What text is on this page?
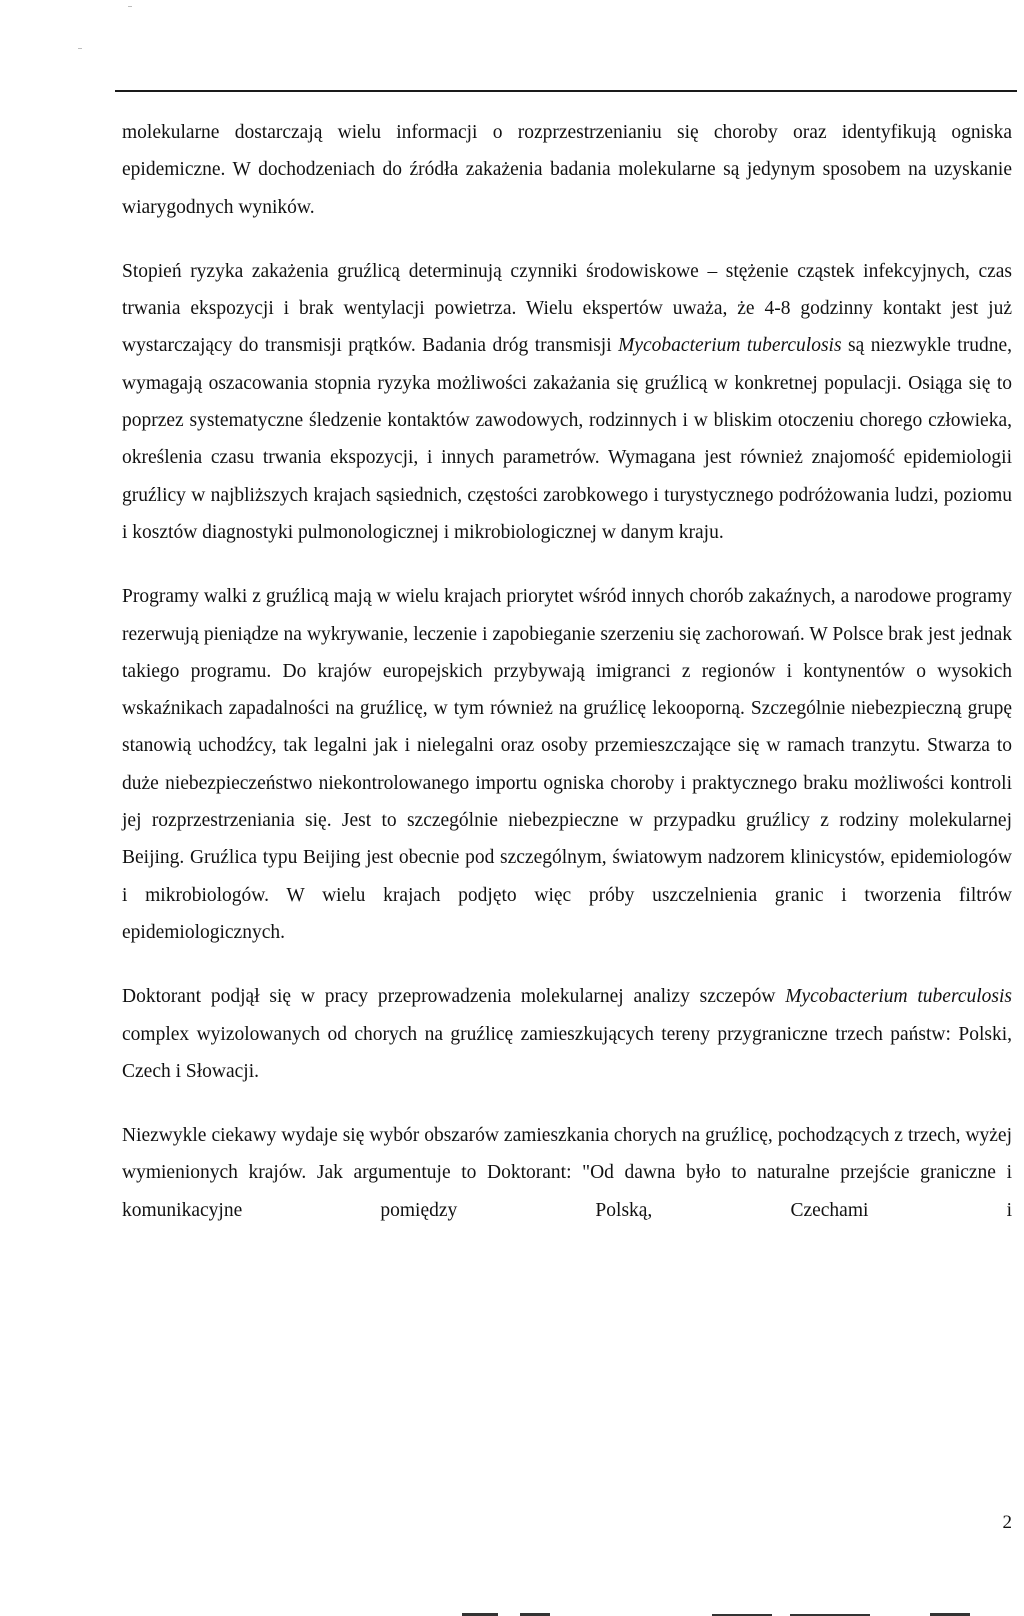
molekularne dostarczają wielu informacji o rozprzestrzenianiu się choroby oraz identyfikują ogniska epidemiczne. W dochodzeniach do źródła zakażenia badania molekularne są jedynym sposobem na uzyskanie wiarygodnych wyników.

Stopień ryzyka zakażenia gruźlicą determinują czynniki środowiskowe – stężenie cząstek infekcyjnych, czas trwania ekspozycji i brak wentylacji powietrza. Wielu ekspertów uważa, że 4-8 godzinny kontakt jest już wystarczający do transmisji prątków. Badania dróg transmisji Mycobacterium tuberculosis są niezwykle trudne, wymagają oszacowania stopnia ryzyka możliwości zakażania się gruźlicą w konkretnej populacji. Osiąga się to poprzez systematyczne śledzenie kontaktów zawodowych, rodzinnych i w bliskim otoczeniu chorego człowieka, określenia czasu trwania ekspozycji, i innych parametrów. Wymagana jest również znajomość epidemiologii gruźlicy w najbliższych krajach sąsiednich, częstości zarobkowego i turystycznego podróżowania ludzi, poziomu i kosztów diagnostyki pulmonologicznej i mikrobiologicznej w danym kraju.

Programy walki z gruźlicą mają w wielu krajach priorytet wśród innych chorób zakaźnych, a narodowe programy rezerwują pieniądze na wykrywanie, leczenie i zapobieganie szerzeniu się zachorowań. W Polsce brak jest jednak takiego programu. Do krajów europejskich przybywają imigranci z regionów i kontynentów o wysokich wskaźnikach zapadalności na gruźlicę, w tym również na gruźlicę lekooporną. Szczególnie niebezpieczną grupę stanowią uchodźcy, tak legalni jak i nielegalni oraz osoby przemieszczające się w ramach tranzytu. Stwarza to duże niebezpieczeństwo niekontrolowanego importu ogniska choroby i praktycznego braku możliwości kontroli jej rozprzestrzeniania się. Jest to szczególnie niebezpieczne w przypadku gruźlicy z rodziny molekularnej Beijing. Gruźlica typu Beijing jest obecnie pod szczególnym, światowym nadzorem klinicystów, epidemiologów i mikrobiologów. W wielu krajach podjęto więc próby uszczelnienia granic i tworzenia filtrów epidemiologicznych.

Doktorant podjął się w pracy przeprowadzenia molekularnej analizy szczepów Mycobacterium tuberculosis complex wyizolowanych od chorych na gruźlicę zamieszkujących tereny przygraniczne trzech państw: Polski, Czech i Słowacji.

Niezwykle ciekawy wydaje się wybór obszarów zamieszkania chorych na gruźlicę, pochodzących z trzech, wyżej wymienionych krajów. Jak argumentuje to Doktorant: "Od dawna było to naturalne przejście graniczne i komunikacyjne pomiędzy Polską, Czechami i

2
